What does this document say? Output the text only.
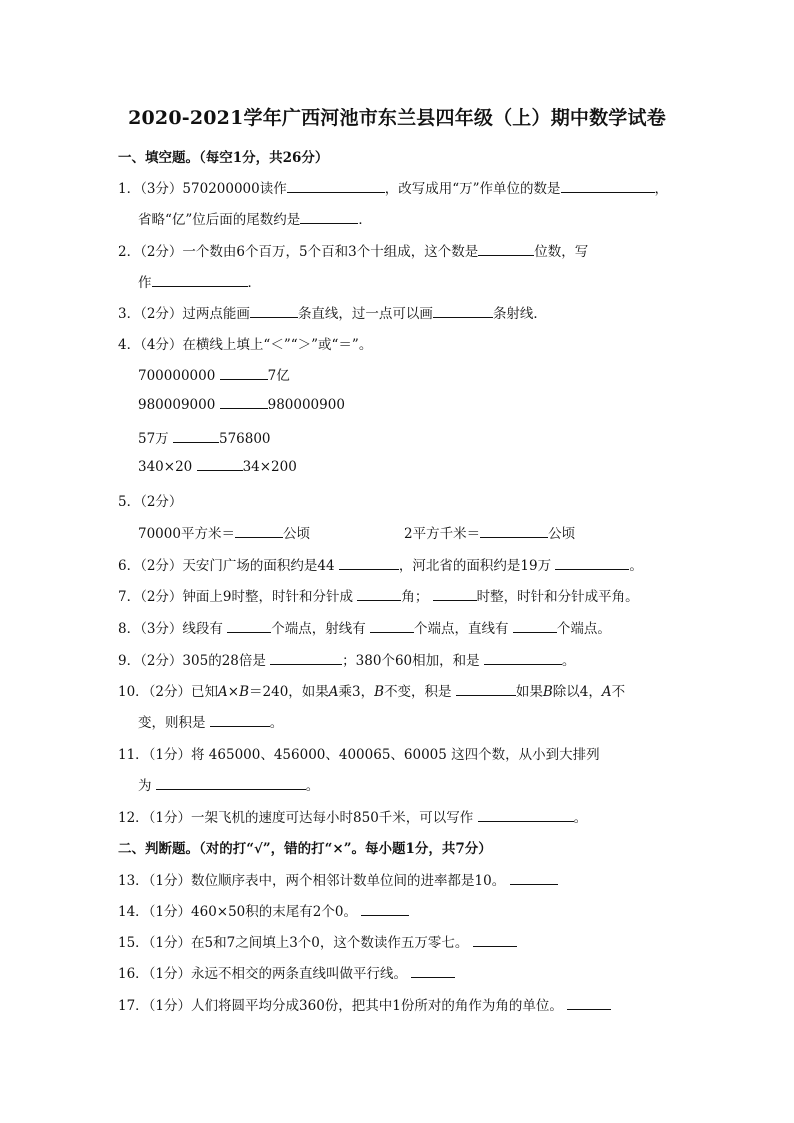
2020-2021学年广西河池市东兰县四年级（上）期中数学试卷
一、填空题。（每空1分，共26分）
1．（3分）570200000读作	，改写成用“万”作单位的数是	，
省略“亿”位后面的尾数约是	．
2．（2分）一个数由6个百万，5个百和3个十组成，这个数是	位数，写
作	．
3．（2分）过两点能画	条直线，过一点可以画	条射线．
4．（4分）在横线上填上“＜”“＞”或“＝”。
700000000	7亿
980009000	980000900
57万	576800
340×20	34×200
5．（2分）
70000平方米＝	公顷	2平方千米＝	公顷
6．（2分）天安门广场的面积约是44	，河北省的面积约是19万	。
7．（2分）钟面上9时整，时针和分针成	角；	时整，时针和分针成平角。
8．（3分）线段有	个端点，射线有	个端点，直线有	个端点。
9．（2分）305的28倍是	；380个60相加，和是	。
10．（2分）已知A×B＝240，如果A乘3，B不变，积是	如果B除以4，A不
变，则积是	。
11．（1分）将 465000、456000、400065、60005 这四个数，从小到大排列
为	。
12．（1分）一架飞机的速度可达每小时850千米，可以写作	。
二、判断题。（对的打“√”，错的打“×”。每小题1分，共7分）
13．（1分）数位顺序表中，两个相邻计数单位间的进率都是10。
14．（1分）460×50积的末尾有2个0。
15．（1分）在5和7之间填上3个0，这个数读作五万零七。
16．（1分）永远不相交的两条直线叫做平行线。
17．（1分）人们将圆平均分成360份，把其中1份所对的角作为角的单位。
